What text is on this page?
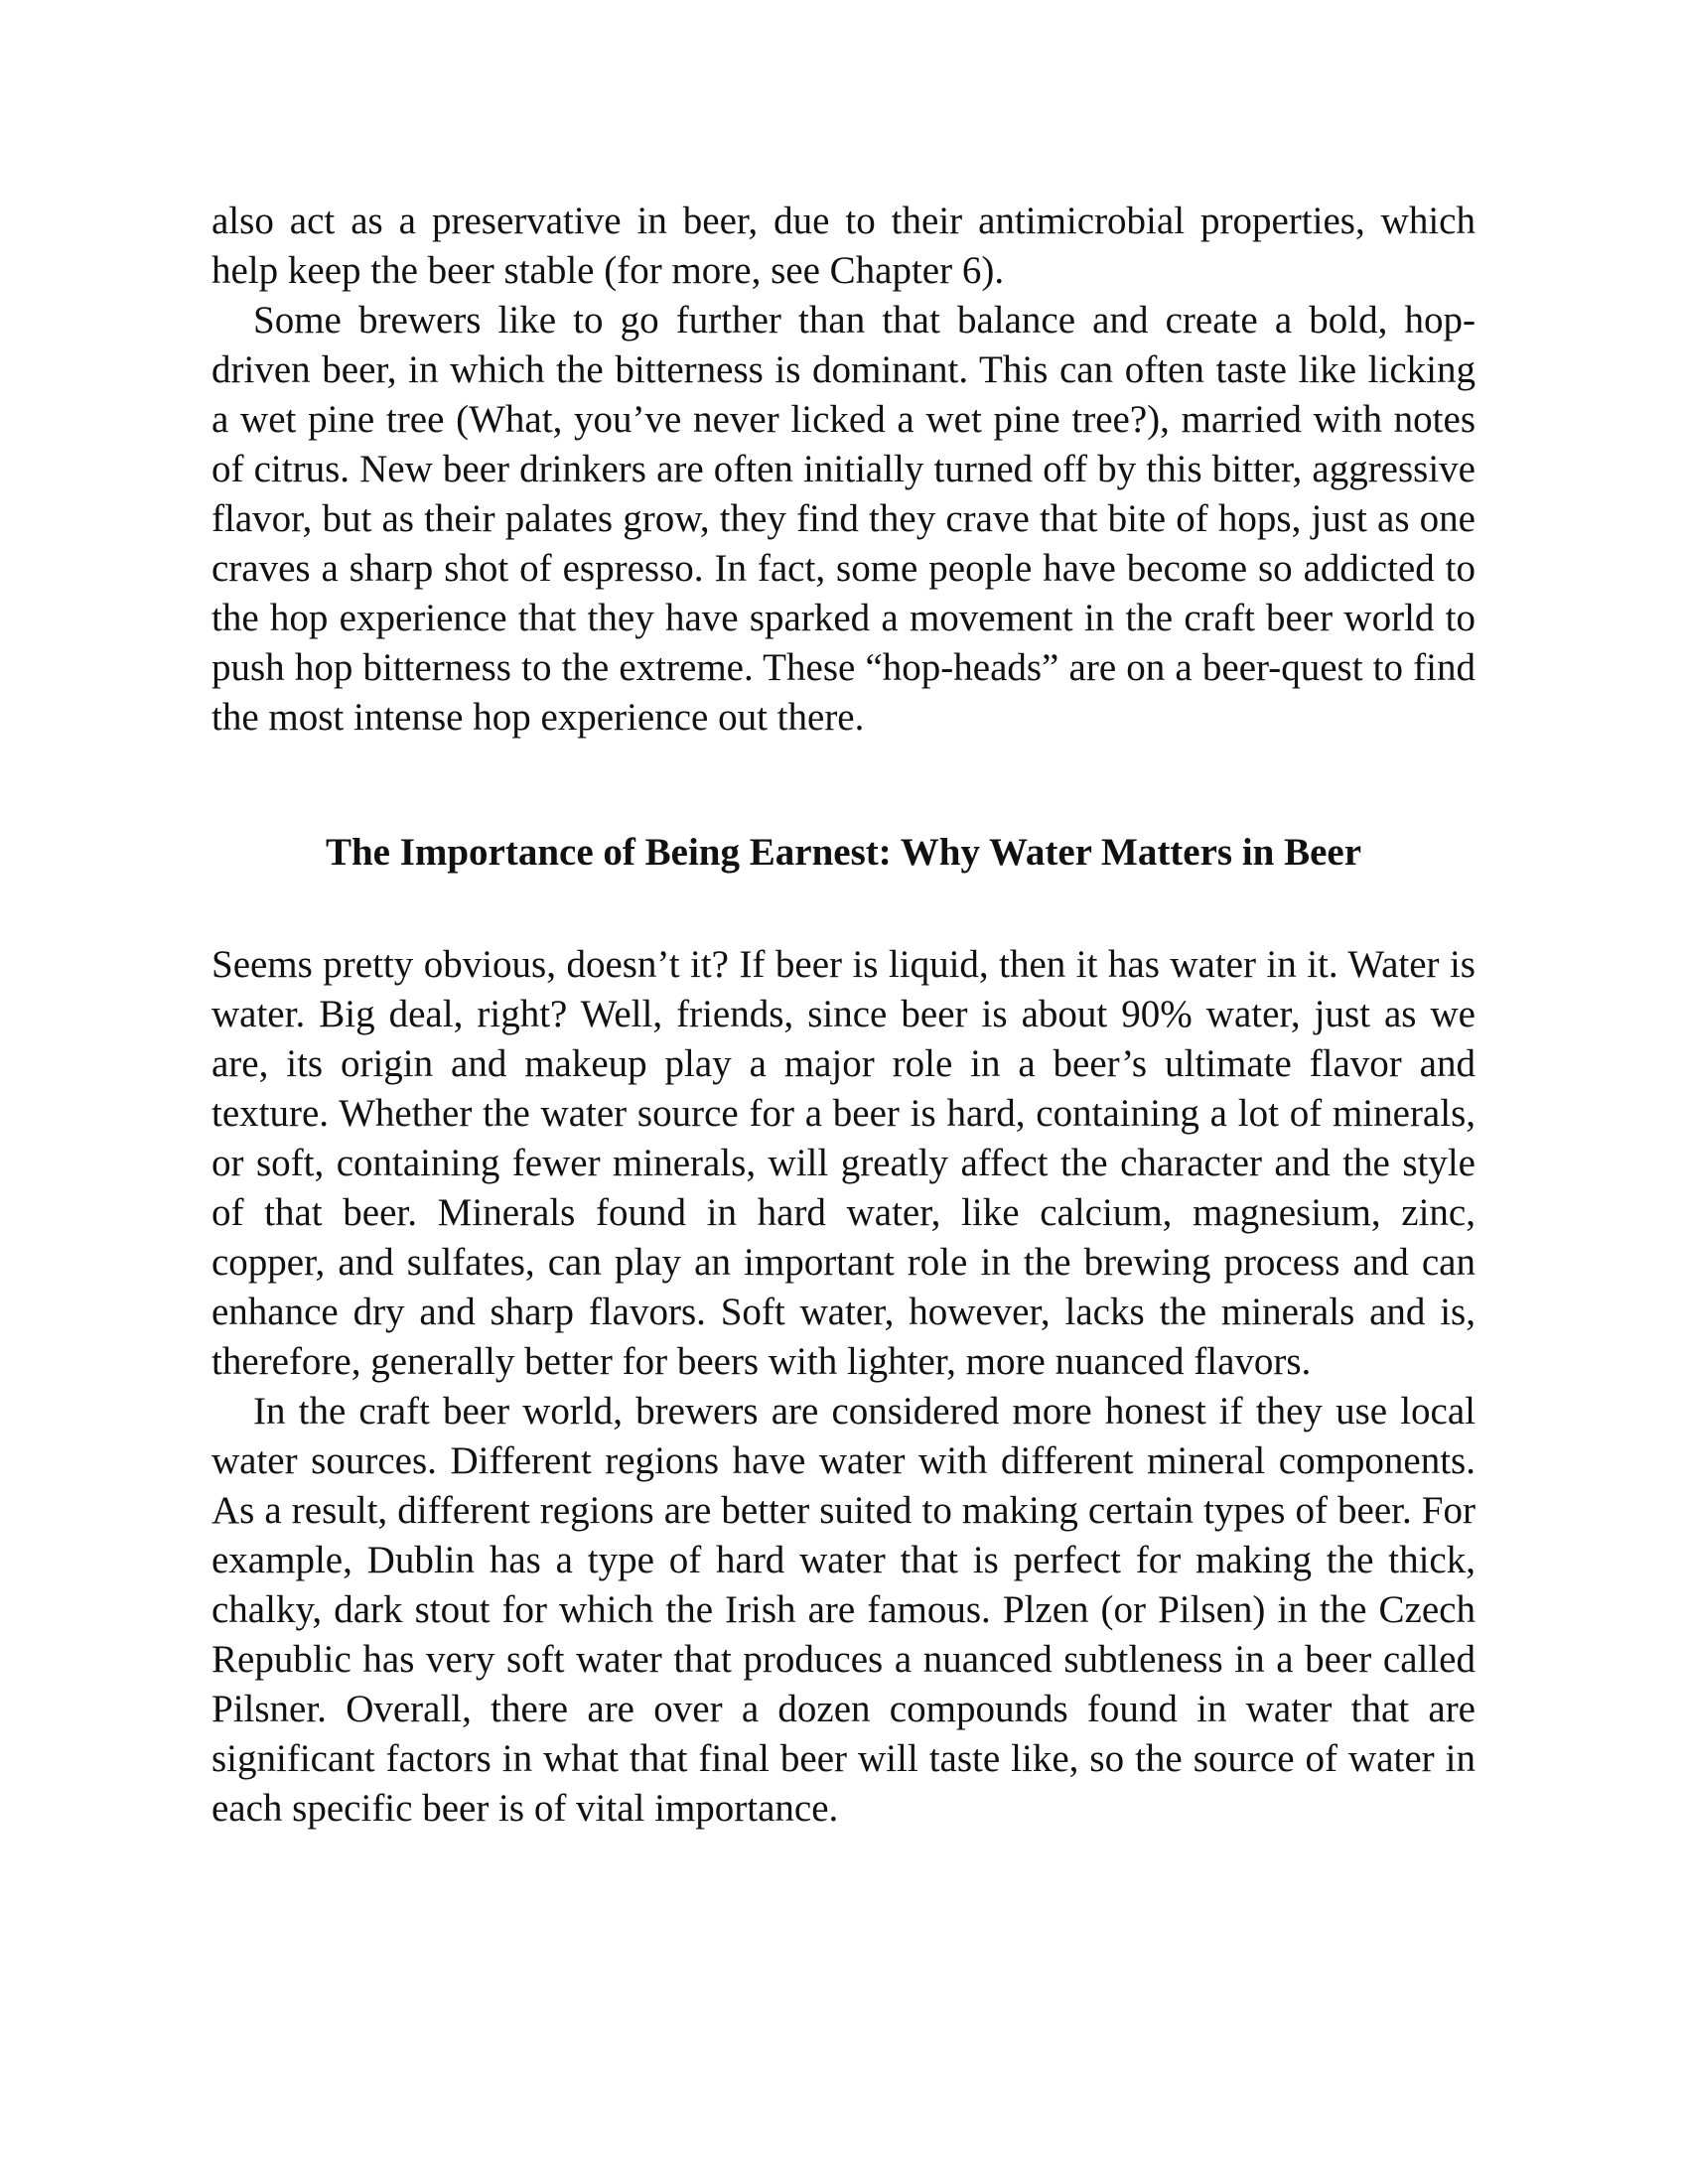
also act as a preservative in beer, due to their antimicrobial properties, which help keep the beer stable (for more, see Chapter 6).

Some brewers like to go further than that balance and create a bold, hop-driven beer, in which the bitterness is dominant. This can often taste like licking a wet pine tree (What, you’ve never licked a wet pine tree?), married with notes of citrus. New beer drinkers are often initially turned off by this bitter, aggressive flavor, but as their palates grow, they find they crave that bite of hops, just as one craves a sharp shot of espresso. In fact, some people have become so addicted to the hop experience that they have sparked a movement in the craft beer world to push hop bitterness to the extreme. These “hop-heads” are on a beer-quest to find the most intense hop experience out there.

The Importance of Being Earnest: Why Water Matters in Beer

Seems pretty obvious, doesn’t it? If beer is liquid, then it has water in it. Water is water. Big deal, right? Well, friends, since beer is about 90% water, just as we are, its origin and makeup play a major role in a beer’s ultimate flavor and texture. Whether the water source for a beer is hard, containing a lot of minerals, or soft, containing fewer minerals, will greatly affect the character and the style of that beer. Minerals found in hard water, like calcium, magnesium, zinc, copper, and sulfates, can play an important role in the brewing process and can enhance dry and sharp flavors. Soft water, however, lacks the minerals and is, therefore, generally better for beers with lighter, more nuanced flavors.

In the craft beer world, brewers are considered more honest if they use local water sources. Different regions have water with different mineral components. As a result, different regions are better suited to making certain types of beer. For example, Dublin has a type of hard water that is perfect for making the thick, chalky, dark stout for which the Irish are famous. Plzen (or Pilsen) in the Czech Republic has very soft water that produces a nuanced subtleness in a beer called Pilsner. Overall, there are over a dozen compounds found in water that are significant factors in what that final beer will taste like, so the source of water in each specific beer is of vital importance.
